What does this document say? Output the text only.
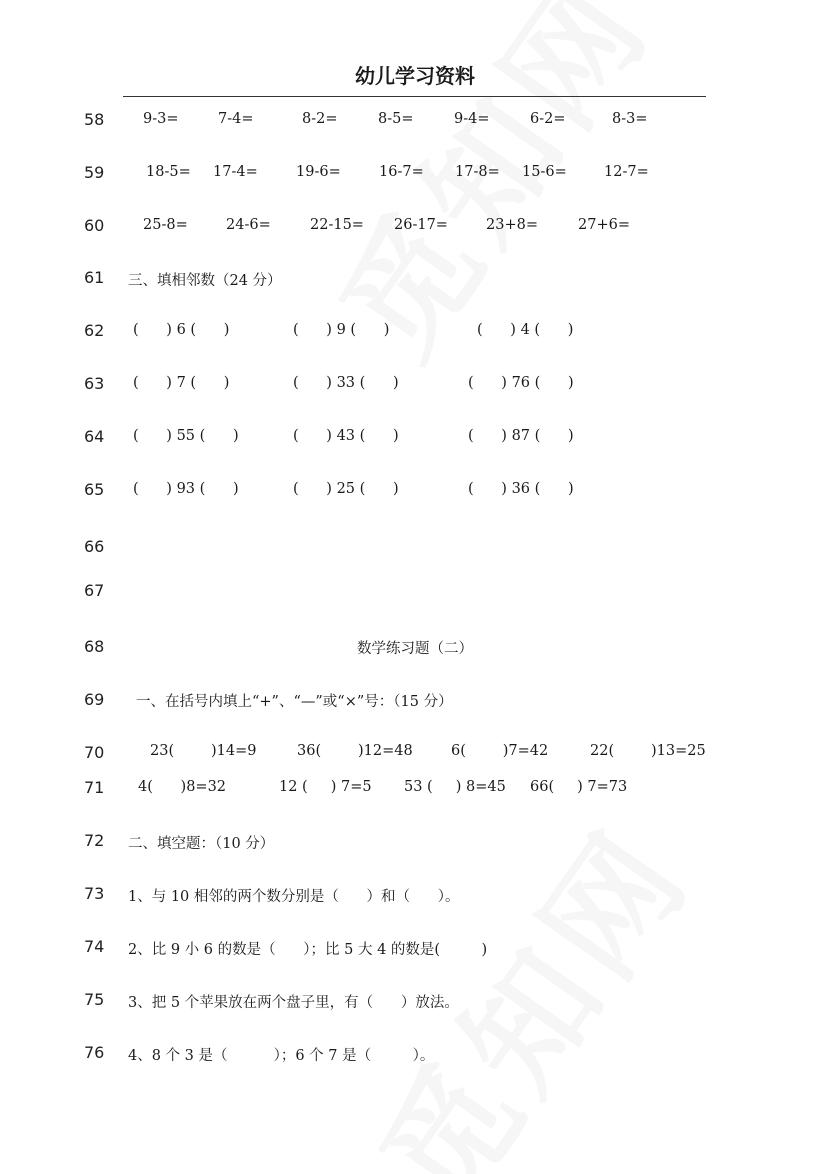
幼儿学习资料
58
59
60
61
62
63
64
65
66
67
68
69
70
71
72
73
74
75
76
9-3=	7-4=	8-2=	8-5=	9-4=	6-2=	8-3=
18-5= 17-4=	19-6=	16-7= 17-8= 15-6=	12-7=
25-8=	24-6=	22-15= 26-17=	23+8=	27+6=
三、填相邻数（24 分）
(      ) 6 (      )	(      ) 9 (      )	(      ) 4 (      )
(      ) 7 (      )	(      ) 33 (      )	(      ) 76 (      )
(      ) 55 (      )	(      ) 43 (      )	(      ) 87 (      )
(      ) 93 (      )	(      ) 25 (      )	(      ) 36 (      )
数学练习题（二）
一、在括号内填上“+”、“—”或“×”号：（15 分）
23(        )14=9	36(        )12=48	6(        )7=42	22(        )13=25
4(      )8=32	12 (     ) 7=5 53 (     ) 8=45 66(     ) 7=73
二、填空题：（10 分）
1、与 10 相邻的两个数分别是（      ）和（      ）。
2、比 9 小 6 的数是（      ）；比 5 大 4 的数是(         )
3、把 5 个苹果放在两个盘子里，有（      ）放法。
4、8 个 3 是（          ）；6 个 7 是（         ）。
